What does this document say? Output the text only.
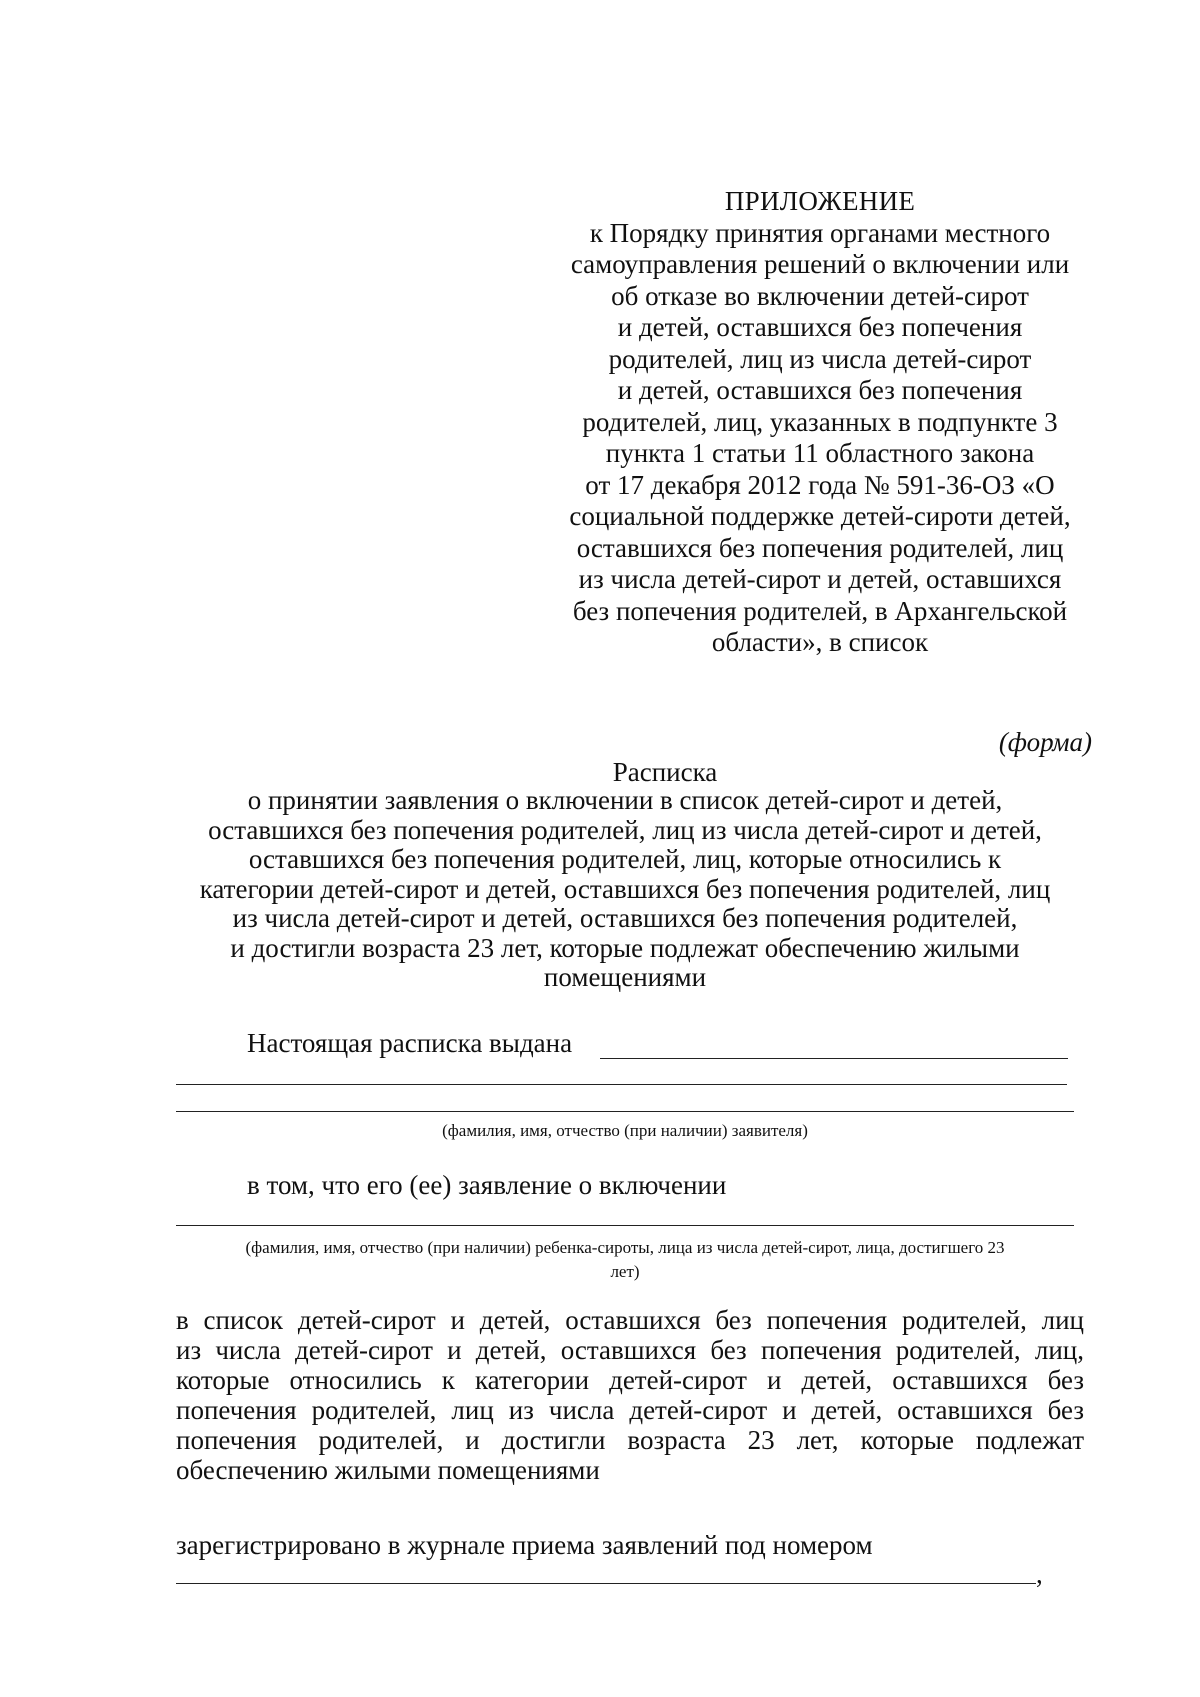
ПРИЛОЖЕНИЕ
к Порядку принятия органами местного
самоуправления решений о включении или
об отказе во включении детей-сирот
и детей, оставшихся без попечения
родителей, лиц из числа детей-сирот
и детей, оставшихся без попечения
родителей, лиц, указанных в подпункте 3
пункта 1 статьи 11 областного закона
от 17 декабря 2012 года № 591-36-ОЗ «О
социальной поддержке детей-сироти детей,
оставшихся без попечения родителей, лиц
из числа детей-сирот и детей, оставшихся
без попечения родителей, в Архангельской
области», в список
(форма)
Расписка
о принятии заявления о включении в список детей-сирот и детей,
оставшихся без попечения родителей, лиц из числа детей-сирот и детей,
оставшихся без попечения родителей, лиц, которые относились к
категории детей-сирот и детей, оставшихся без попечения родителей, лиц
из числа детей-сирот и детей, оставшихся без попечения родителей,
и достигли возраста 23 лет, которые подлежат обеспечению жилыми
помещениями
Настоящая расписка выдана
(фамилия, имя, отчество (при наличии) заявителя)
в том, что его (ее) заявление о включении
(фамилия, имя, отчество (при наличии) ребенка-сироты, лица из числа детей-сирот, лица, достигшего 23
лет)
в список детей-сирот и детей, оставшихся без попечения родителей, лиц
из числа детей-сирот и детей, оставшихся без попечения родителей, лиц,
которые относились к категории детей-сирот и детей, оставшихся без
попечения родителей, лиц из числа детей-сирот и детей, оставшихся без
попечения родителей, и достигли возраста 23 лет, которые подлежат
обеспечению жилыми помещениями
зарегистрировано в журнале приема заявлений под номером
,
